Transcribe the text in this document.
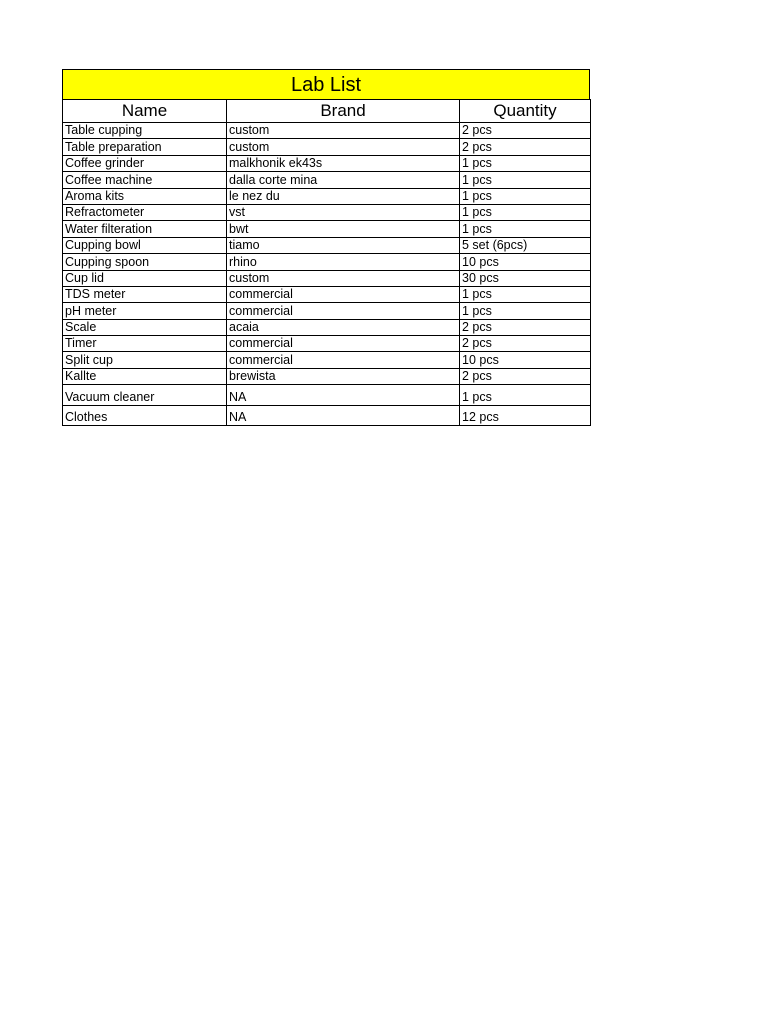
Lab List
Name	Brand	Quantity
Table cupping	custom	2 pcs
Table preparation	custom	2 pcs
Coffee grinder	malkhonik ek43s	1 pcs
Coffee machine	dalla corte mina	1 pcs
Aroma kits	le nez du	1 pcs
Refractometer	vst	1 pcs
Water filteration	bwt	1 pcs
Cupping bowl	tiamo	5 set (6pcs)
Cupping spoon	rhino	10 pcs
Cup lid	custom	30 pcs
TDS meter	commercial	1 pcs
pH meter	commercial	1 pcs
Scale	acaia	2 pcs
Timer	commercial	2 pcs
Split cup	commercial	10 pcs
Kallte	brewista	2 pcs
Vacuum cleaner	NA	1 pcs
Clothes	NA	12 pcs
